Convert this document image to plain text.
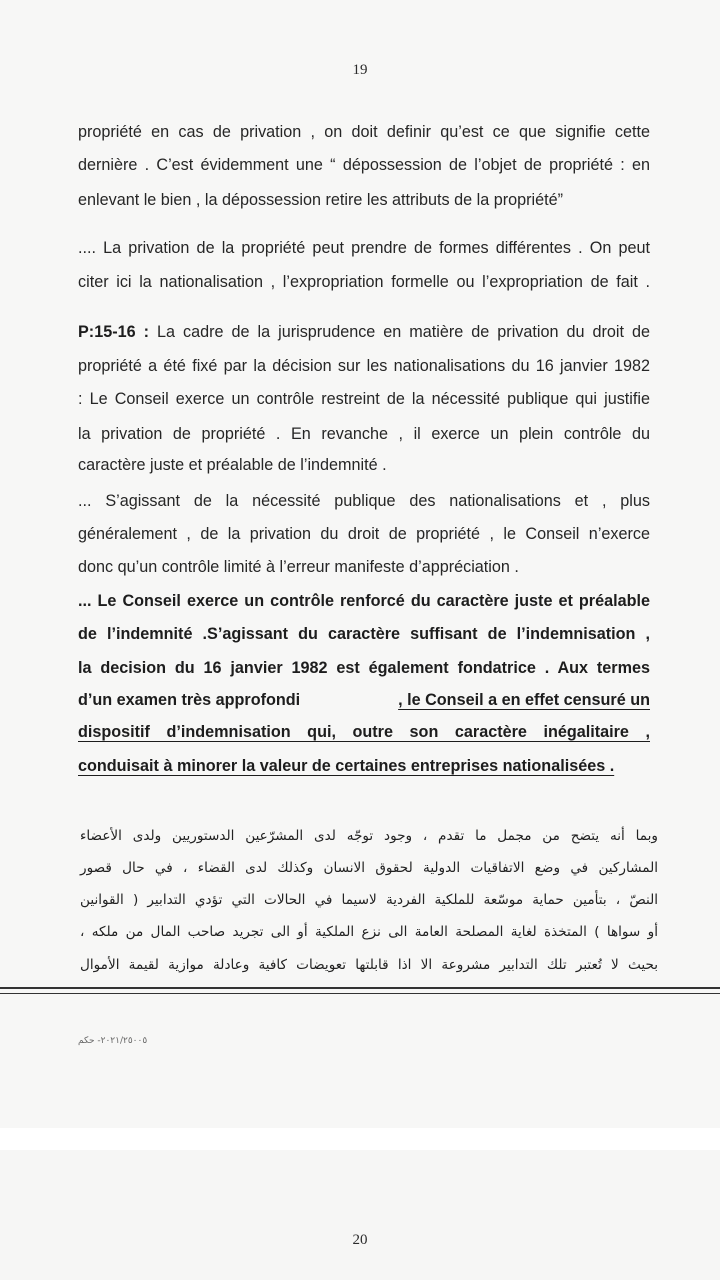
19
propriété en cas de privation , on doit definir qu’est ce que signifie cette
dernière . C’est évidemment une “ dépossession de l’objet de propriété : en
enlevant le bien , la dépossession retire les attributs de la propriété”
.... La privation de la propriété peut prendre de formes différentes . On peut
citer ici la nationalisation , l’expropriation formelle ou l’expropriation de fait .
P:15-16 : La cadre de la jurisprudence en matière de privation du droit de
propriété a été fixé par la décision sur les nationalisations du 16 janvier 1982
: Le Conseil exerce un contrôle restreint de la nécessité publique qui justifie
la privation de propriété . En revanche , il exerce un plein contrôle du
caractère juste et préalable de l’indemnité .
... S’agissant de la nécessité publique des nationalisations et , plus
généralement , de la privation du droit de propriété , le Conseil n’exerce
donc qu’un contrôle limité à l’erreur manifeste d’appréciation .
... Le Conseil exerce un contrôle renforcé du caractère juste et préalable
de l’indemnité .S’agissant du caractère suffisant de l’indemnisation ,
la decision du 16 janvier 1982 est également fondatrice . Aux termes
d’un examen très approfondi	, le Conseil a en effet censuré un
dispositif d’indemnisation qui, outre son caractère inégalitaire ,
conduisait à minorer la valeur de certaines entreprises nationalisées .
وبما أنه يتضح من مجمل ما تقدم ، وجود توجّه لدى المشرّعين الدستوريين ولدى الأعضاء
المشاركين في وضع الاتفاقيات الدولية لحقوق الانسان وكذلك لدى القضاء ، في حال قصور
النصّ ، بتأمين حماية موسّعة للملكية الفردية لاسيما في الحالات التي تؤدي التدابير ( القوانين
أو سواها ) المتخذة لغاية المصلحة العامة الى نزع الملكية أو الى تجريد صاحب المال من ملكه ،
بحيث لا تُعتبر تلك التدابير مشروعة الا اذا قابلتها تعويضات كافية وعادلة موازية لقيمة الأموال
٢٠٢١/٢٥٠٠٥- حكم
20
